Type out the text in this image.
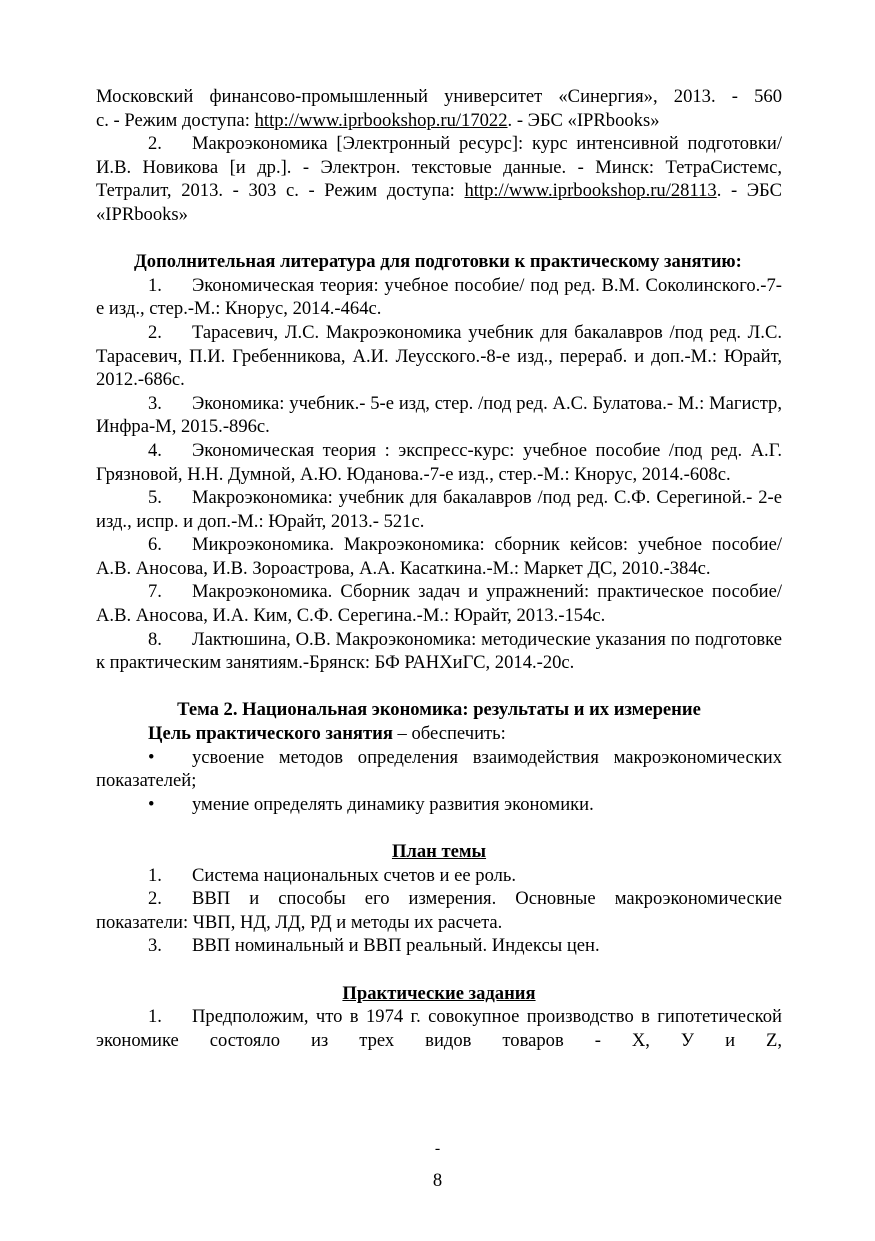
Московский финансово-промышленный университет «Синергия», 2013. - 560

с. - Режим доступа: http://www.iprbookshop.ru/17022. - ЭБС «IPRbooks»

2. Макроэкономика [Электронный ресурс]: курс интенсивной подготовки/ И.В. Новикова [и др.]. - Электрон. текстовые данные. - Минск: ТетраСистемс, Тетралит, 2013. - 303 с. - Режим доступа: http://www.iprbookshop.ru/28113. - ЭБС «IPRbooks»

Дополнительная литература для подготовки к практическому занятию:

1. Экономическая теория: учебное пособие/ под ред. В.М. Соколинского.-7-е изд., стер.-М.: Кнорус, 2014.-464с.

2. Тарасевич, Л.С. Макроэкономика учебник для бакалавров /под ред. Л.С. Тарасевич, П.И. Гребенникова, А.И. Леусского.-8-е изд., перераб. и доп.-М.: Юрайт, 2012.-686с.

3. Экономика: учебник.- 5-е изд, стер. /под ред. А.С. Булатова.- М.: Магистр, Инфра-М, 2015.-896с.

4. Экономическая теория : экспресс-курс: учебное пособие /под ред. А.Г. Грязновой, Н.Н. Думной, А.Ю. Юданова.-7-е изд., стер.-М.: Кнорус, 2014.-608с.

5. Макроэкономика: учебник для бакалавров /под ред. С.Ф. Серегиной.- 2-е изд., испр. и доп.-М.: Юрайт, 2013.- 521с.

6. Микроэкономика. Макроэкономика: сборник кейсов: учебное пособие/А.В. Аносова, И.В. Зороастрова, А.А. Касаткина.-М.: Маркет ДС, 2010.-384с.

7. Макроэкономика. Сборник задач и упражнений: практическое пособие/А.В. Аносова, И.А. Ким, С.Ф. Серегина.-М.: Юрайт, 2013.-154с.

8. Лактюшина, О.В. Макроэкономика: методические указания по подготовке к практическим занятиям.-Брянск: БФ РАНХиГС, 2014.-20с.

Тема 2. Национальная экономика: результаты и их измерение

Цель практического занятия – обеспечить:

• усвоение методов определения взаимодействия макроэкономических показателей;

• умение определять динамику развития экономики.

План темы

1. Система национальных счетов и ее роль.

2. ВВП и способы его измерения. Основные макроэкономические показатели: ЧВП, НД, ЛД, РД и методы их расчета.

3. ВВП номинальный и ВВП реальный. Индексы цен.

Практические задания

1. Предположим, что в 1974 г. совокупное производство в гипотетической экономике состояло из трех видов товаров - X, У и Z,

-
8
